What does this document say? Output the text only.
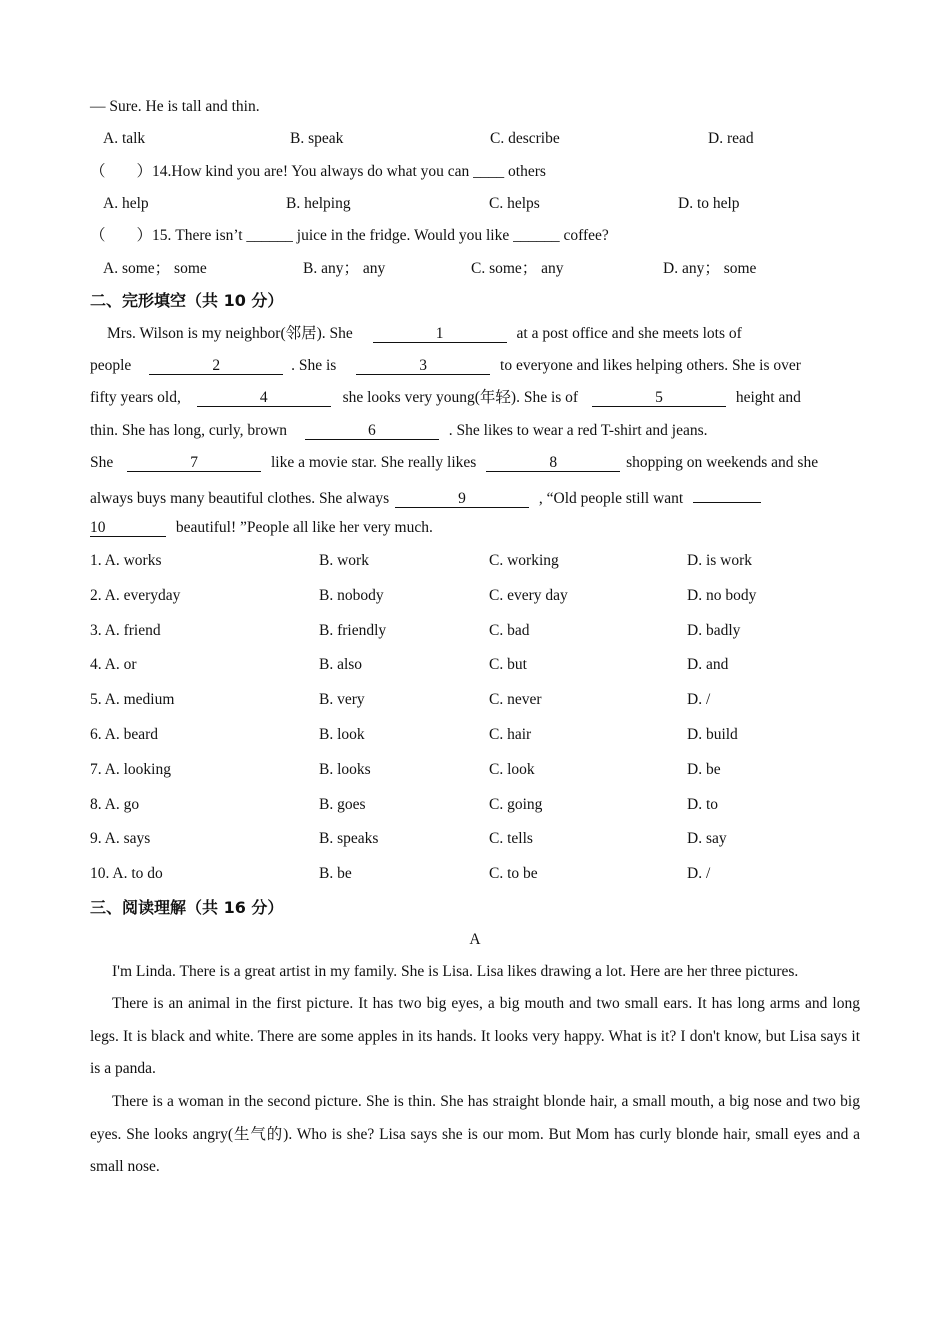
— Sure. He is tall and thin.
A. talk	B. speak	C. describe	D. read
（　　）14.How kind you are! You always do what you can ____ others
A. help	B. helping	C. helps	D. to help
（　　）15. There isn’t ______ juice in the fridge. Would you like ______ coffee?
A. some； some	B. any； any	C. some； any	D. any； some
二、完形填空（共 10 分）
Mrs. Wilson is my neighbor(邻居). She	1	at a post office and she meets lots of
people	2	. She is	3	to everyone and likes helping others. She is over
fifty years old,	4	she looks very young(年轻). She is of	5	height and
thin. She has long, curly, brown	6	. She likes to wear a red T-shirt and jeans.
She	7	like a movie star. She really likes	8	shopping on weekends and she
always buys many beautiful clothes. She always	9	, “Old people still want
10	beautiful! ”People all like her very much.
1. A. works	B. work	C. working	D. is work
2. A. everyday	B. nobody	C. every day	D. no body
3. A. friend	B. friendly	C. bad	D. badly
4. A. or	B. also	C. but	D. and
5. A. medium	B. very	C. never	D. /
6. A. beard	B. look	C. hair	D. build
7. A. looking	B. looks	C. look	D. be
8. A. go	B. goes	C. going	D. to
9. A. says	B. speaks	C. tells	D. say
10. A. to do	B. be	C. to be	D. /
三、阅读理解（共 16 分）
A
I'm Linda. There is a great artist in my family. She is Lisa. Lisa likes drawing a lot. Here are her three pictures.
There is an animal in the first picture. It has two big eyes, a big mouth and two small ears. It has long arms and long legs. It is black and white. There are some apples in its hands. It looks very happy. What is it? I don't know, but Lisa says it is a panda.
There is a woman in the second picture. She is thin. She has straight blonde hair, a small mouth, a big nose and two big eyes. She looks angry(生气的). Who is she? Lisa says she is our mom. But Mom has curly blonde hair, small eyes and a small nose.
